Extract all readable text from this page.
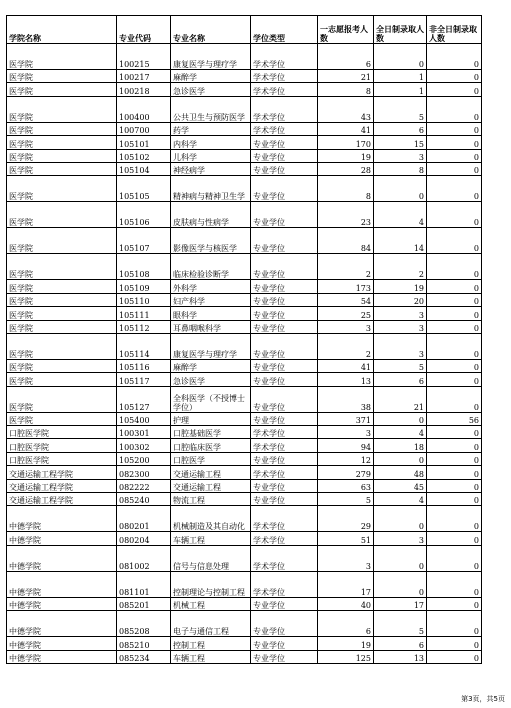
学院名称	专业代码	专业名称	学位类型	一志愿报考人数	全日制录取人数	非全日制录取人数
医学院	100215	康复医学与理疗学	学术学位	6	0	0
医学院	100217	麻醉学	学术学位	21	1	0
医学院	100218	急诊医学	学术学位	8	1	0
医学院	100400	公共卫生与预防医学	学术学位	43	5	0
医学院	100700	药学	学术学位	41	6	0
医学院	105101	内科学	专业学位	170	15	0
医学院	105102	儿科学	专业学位	19	3	0
医学院	105104	神经病学	专业学位	28	8	0
医学院	105105	精神病与精神卫生学	专业学位	8	0	0
医学院	105106	皮肤病与性病学	专业学位	23	4	0
医学院	105107	影像医学与核医学	专业学位	84	14	0
医学院	105108	临床检验诊断学	专业学位	2	2	0
医学院	105109	外科学	专业学位	173	19	0
医学院	105110	妇产科学	专业学位	54	20	0
医学院	105111	眼科学	专业学位	25	3	0
医学院	105112	耳鼻咽喉科学	专业学位	3	3	0
医学院	105114	康复医学与理疗学	专业学位	2	3	0
医学院	105116	麻醉学	专业学位	41	5	0
医学院	105117	急诊医学	专业学位	13	6	0
医学院	105127	全科医学（不授博士学位）	专业学位	38	21	0
医学院	105400	护理	专业学位	371	0	56
口腔医学院	100301	口腔基础医学	学术学位	3	4	0
口腔医学院	100302	口腔临床医学	学术学位	94	18	0
口腔医学院	105200	口腔医学	专业学位	12	0	0
交通运输工程学院	082300	交通运输工程	学术学位	279	48	0
交通运输工程学院	082222	交通运输工程	专业学位	63	45	0
交通运输工程学院	085240	物流工程	专业学位	5	4	0
中德学院	080201	机械制造及其自动化	学术学位	29	0	0
中德学院	080204	车辆工程	学术学位	51	3	0
中德学院	081002	信号与信息处理	学术学位	3	0	0
中德学院	081101	控制理论与控制工程	学术学位	17	0	0
中德学院	085201	机械工程	专业学位	40	17	0
中德学院	085208	电子与通信工程	专业学位	6	5	0
中德学院	085210	控制工程	专业学位	19	6	0
中德学院	085234	车辆工程	专业学位	125	13	0
第3页，共5页
